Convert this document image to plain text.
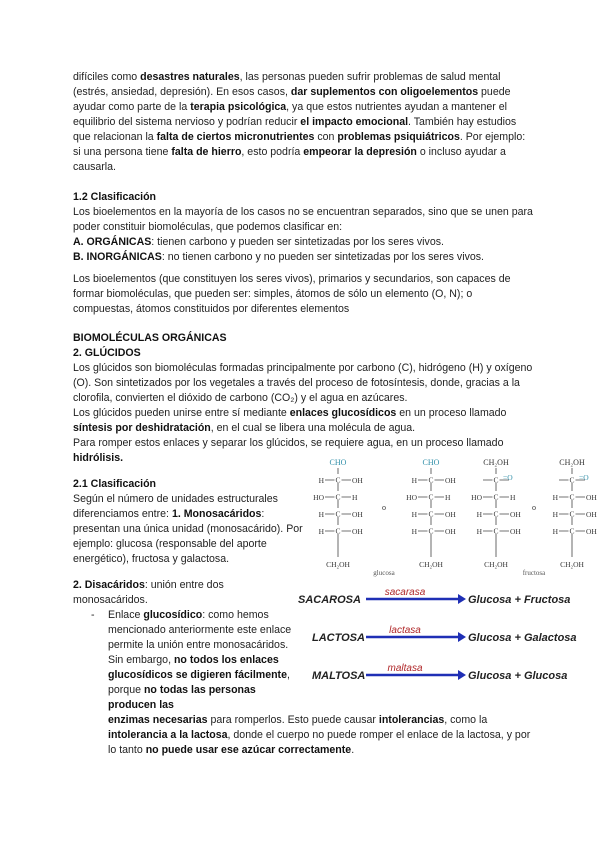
difíciles como desastres naturales, las personas pueden sufrir problemas de salud mental (estrés, ansiedad, depresión). En esos casos, dar suplementos con oligoelementos puede ayudar como parte de la terapia psicológica, ya que estos nutrientes ayudan a mantener el equilibrio del sistema nervioso y podrían reducir el impacto emocional. También hay estudios que relacionan la falta de ciertos micronutrientes con problemas psiquiátricos. Por ejemplo: si una persona tiene falta de hierro, esto podría empeorar la depresión o incluso ayudar a causarla.
1.2 Clasificación
Los bioelementos en la mayoría de los casos no se encuentran separados, sino que se unen para poder constituir biomoléculas, que podemos clasificar en:
A. ORGÁNICAS: tienen carbono y pueden ser sintetizadas por los seres vivos.
B. INORGÁNICAS: no tienen carbono y no pueden ser sintetizadas por los seres vivos.
Los bioelementos (que constituyen los seres vivos), primarios y secundarios, son capaces de formar biomoléculas, que pueden ser: simples, átomos de sólo un elemento (O, N); o compuestas, átomos constituidos por diferentes elementos
BIOMOLÉCULAS ORGÁNICAS
2. GLÚCIDOS
Los glúcidos son biomoléculas formadas principalmente por carbono (C), hidrógeno (H) y oxígeno (O). Son sintetizados por los vegetales a través del proceso de fotosíntesis, donde, gracias a la clorofila, convierten el dióxido de carbono (CO₂) y el agua en azúcares.
Los glúcidos pueden unirse entre sí mediante enlaces glucosídicos en un proceso llamado síntesis por deshidratación, en el cual se libera una molécula de agua.
Para romper estos enlaces y separar los glúcidos, se requiere agua, en un proceso llamado hidrólisis.
2.1 Clasificación
Según el número de unidades estructurales diferenciamos entre: 1. Monosacáridos: presentan una única unidad (monosacárido). Por ejemplo: glucosa (responsable del aporte energético), fructosa y galactosa.
CHO
H	OH
C
HO	H
C
H	OH
C
H	OH
C
CH₂OH
CHO
H	OH
C
HO	H
C
H	OH
C
H	OH
C
CH₂OH
CH₂OH
C
HO	H
C
H	OH
C
H	OH
C
CH₂OH
CH₂OH
C
H	OH
C
H	OH
C
H	OH
C
CH₂OH
=O	=O
o	o
glucosa	fructosa
2. Disacáridos: unión entre dos monosacáridos.
-	Enlace glucosídico: como hemos mencionado anteriormente este enlace permite la unión entre monosacáridos. Sin embargo, no todos los enlaces glucosídicos se digieren fácilmente, porque no todas las personas producen las
enzimas necesarias para romperlos. Esto puede causar intolerancias, como la intolerancia a la lactosa, donde el cuerpo no puede romper el enlace de la lactosa, y por lo tanto no puede usar ese azúcar correctamente.
SACAROSA
sacarasa
Glucosa + Fructosa
LACTOSA
lactasa
Glucosa + Galactosa
MALTOSA
maltasa
Glucosa + Glucosa
